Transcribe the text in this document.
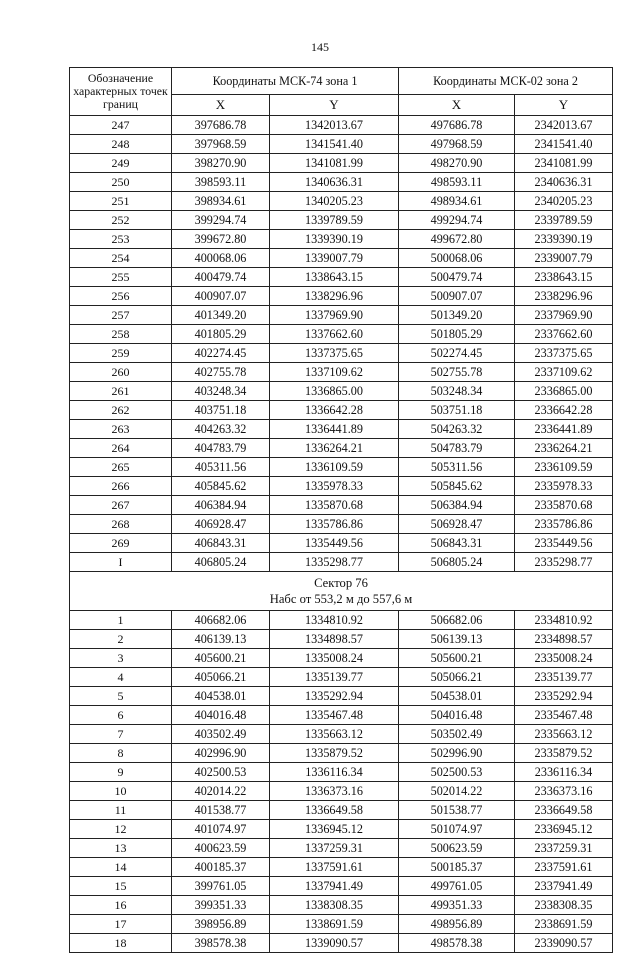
145
Обозначение характерных точек границ	Координаты МСК-74 зона 1		Координаты МСК-02 зона 2	
	X	Y	X	Y
247	397686.78	1342013.67	497686.78	2342013.67
248	397968.59	1341541.40	497968.59	2341541.40
249	398270.90	1341081.99	498270.90	2341081.99
250	398593.11	1340636.31	498593.11	2340636.31
251	398934.61	1340205.23	498934.61	2340205.23
252	399294.74	1339789.59	499294.74	2339789.59
253	399672.80	1339390.19	499672.80	2339390.19
254	400068.06	1339007.79	500068.06	2339007.79
255	400479.74	1338643.15	500479.74	2338643.15
256	400907.07	1338296.96	500907.07	2338296.96
257	401349.20	1337969.90	501349.20	2337969.90
258	401805.29	1337662.60	501805.29	2337662.60
259	402274.45	1337375.65	502274.45	2337375.65
260	402755.78	1337109.62	502755.78	2337109.62
261	403248.34	1336865.00	503248.34	2336865.00
262	403751.18	1336642.28	503751.18	2336642.28
263	404263.32	1336441.89	504263.32	2336441.89
264	404783.79	1336264.21	504783.79	2336264.21
265	405311.56	1336109.59	505311.56	2336109.59
266	405845.62	1335978.33	505845.62	2335978.33
267	406384.94	1335870.68	506384.94	2335870.68
268	406928.47	1335786.86	506928.47	2335786.86
269	406843.31	1335449.56	506843.31	2335449.56
I	406805.24	1335298.77	506805.24	2335298.77

Сектор 76
Набс от 553,2 м до 557,6 м				

1	406682.06	1334810.92	506682.06	2334810.92
2	406139.13	1334898.57	506139.13	2334898.57
3	405600.21	1335008.24	505600.21	2335008.24
4	405066.21	1335139.77	505066.21	2335139.77
5	404538.01	1335292.94	504538.01	2335292.94
6	404016.48	1335467.48	504016.48	2335467.48
7	403502.49	1335663.12	503502.49	2335663.12
8	402996.90	1335879.52	502996.90	2335879.52
9	402500.53	1336116.34	502500.53	2336116.34
10	402014.22	1336373.16	502014.22	2336373.16
11	401538.77	1336649.58	501538.77	2336649.58
12	401074.97	1336945.12	501074.97	2336945.12
13	400623.59	1337259.31	500623.59	2337259.31
14	400185.37	1337591.61	500185.37	2337591.61
15	399761.05	1337941.49	499761.05	2337941.49
16	399351.33	1338308.35	499351.33	2338308.35
17	398956.89	1338691.59	498956.89	2338691.59
18	398578.38	1339090.57	498578.38	2339090.57
